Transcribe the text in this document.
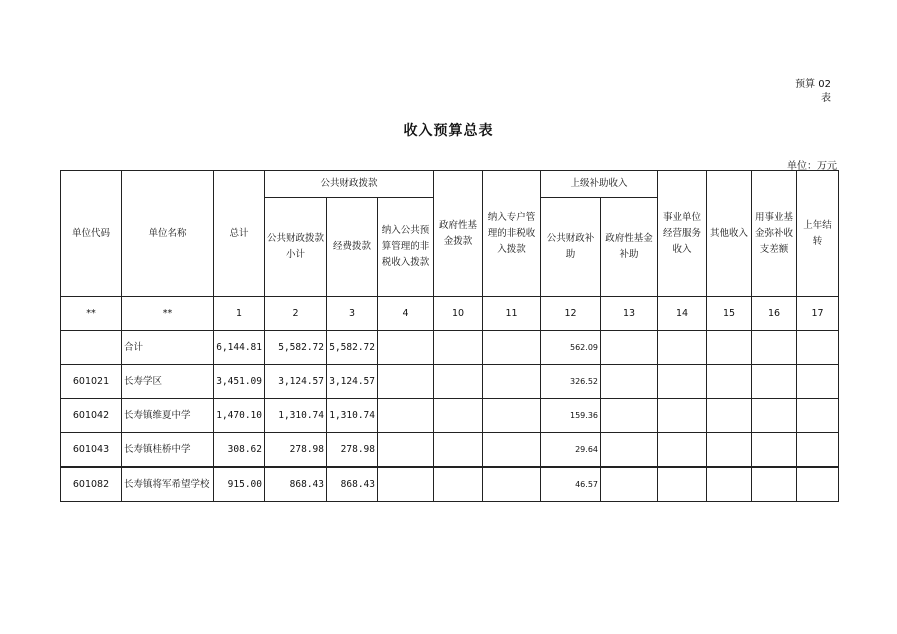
预算 02
表
收入预算总表
单位：万元
单位代码	单位名称	总计	公共财政拨款			政府性基金拨款	纳入专户管理的非税收入拨款	上级补助收入		事业单位经营服务收入	其他收入	用事业基金弥补收支差额	上年结转
			公共财政拨款小计	经费拨款	纳入公共预算管理的非税收入拨款			公共财政补助	政府性基金补助				
**	**	1	2	3	4	10	11	12	13	14	15	16	17
	合计	6,144.81	5,582.72	5,582.72				562.09					
601021	长寿学区	3,451.09	3,124.57	3,124.57				326.52					
601042	长寿镇维夏中学	1,470.10	1,310.74	1,310.74				159.36					
601043	长寿镇桂桥中学	308.62	278.98	278.98				29.64					
601082	长寿镇将军希望学校	915.00	868.43	868.43				46.57					
